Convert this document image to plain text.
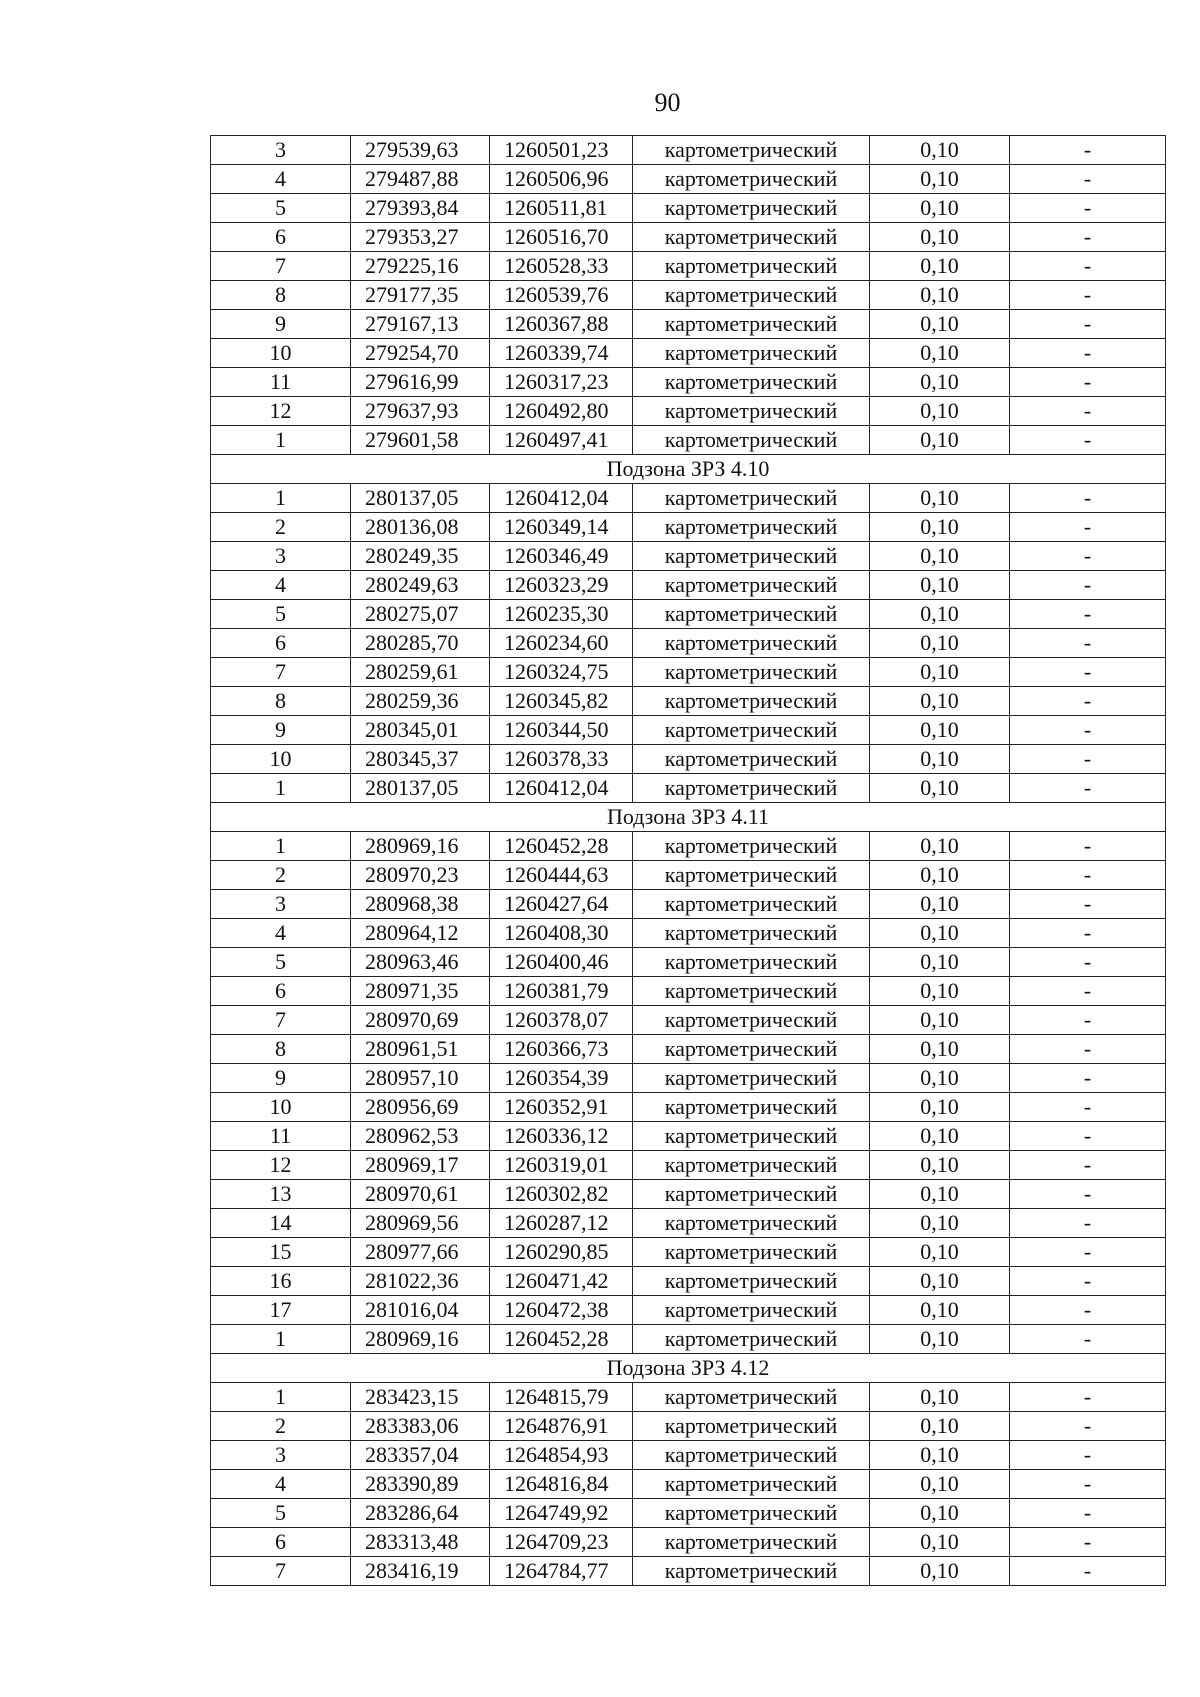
90
3	279539,63	1260501,23	картометрический	0,10	-
4	279487,88	1260506,96	картометрический	0,10	-
5	279393,84	1260511,81	картометрический	0,10	-
6	279353,27	1260516,70	картометрический	0,10	-
7	279225,16	1260528,33	картометрический	0,10	-
8	279177,35	1260539,76	картометрический	0,10	-
9	279167,13	1260367,88	картометрический	0,10	-
10	279254,70	1260339,74	картометрический	0,10	-
11	279616,99	1260317,23	картометрический	0,10	-
12	279637,93	1260492,80	картометрический	0,10	-
1	279601,58	1260497,41	картометрический	0,10	-
Подзона ЗРЗ 4.10					
1	280137,05	1260412,04	картометрический	0,10	-
2	280136,08	1260349,14	картометрический	0,10	-
3	280249,35	1260346,49	картометрический	0,10	-
4	280249,63	1260323,29	картометрический	0,10	-
5	280275,07	1260235,30	картометрический	0,10	-
6	280285,70	1260234,60	картометрический	0,10	-
7	280259,61	1260324,75	картометрический	0,10	-
8	280259,36	1260345,82	картометрический	0,10	-
9	280345,01	1260344,50	картометрический	0,10	-
10	280345,37	1260378,33	картометрический	0,10	-
1	280137,05	1260412,04	картометрический	0,10	-
Подзона ЗРЗ 4.11					
1	280969,16	1260452,28	картометрический	0,10	-
2	280970,23	1260444,63	картометрический	0,10	-
3	280968,38	1260427,64	картометрический	0,10	-
4	280964,12	1260408,30	картометрический	0,10	-
5	280963,46	1260400,46	картометрический	0,10	-
6	280971,35	1260381,79	картометрический	0,10	-
7	280970,69	1260378,07	картометрический	0,10	-
8	280961,51	1260366,73	картометрический	0,10	-
9	280957,10	1260354,39	картометрический	0,10	-
10	280956,69	1260352,91	картометрический	0,10	-
11	280962,53	1260336,12	картометрический	0,10	-
12	280969,17	1260319,01	картометрический	0,10	-
13	280970,61	1260302,82	картометрический	0,10	-
14	280969,56	1260287,12	картометрический	0,10	-
15	280977,66	1260290,85	картометрический	0,10	-
16	281022,36	1260471,42	картометрический	0,10	-
17	281016,04	1260472,38	картометрический	0,10	-
1	280969,16	1260452,28	картометрический	0,10	-
Подзона ЗРЗ 4.12					
1	283423,15	1264815,79	картометрический	0,10	-
2	283383,06	1264876,91	картометрический	0,10	-
3	283357,04	1264854,93	картометрический	0,10	-
4	283390,89	1264816,84	картометрический	0,10	-
5	283286,64	1264749,92	картометрический	0,10	-
6	283313,48	1264709,23	картометрический	0,10	-
7	283416,19	1264784,77	картометрический	0,10	-
